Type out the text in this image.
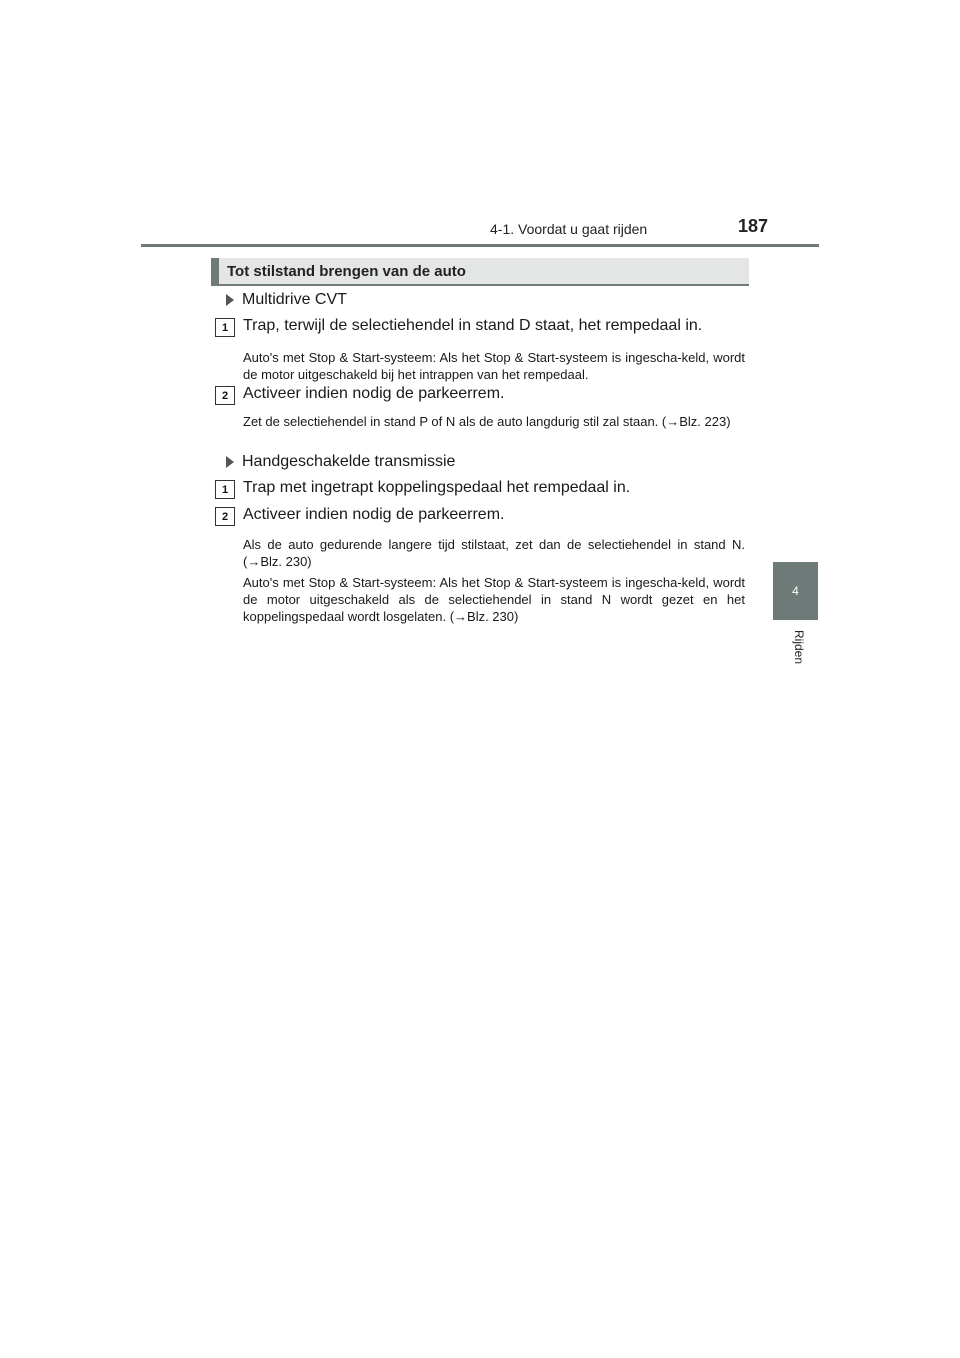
4-1. Voordat u gaat rijden	187
4
Rijden
Tot stilstand brengen van de auto
Multidrive CVT
1 Trap, terwijl de selectiehendel in stand D staat, het rempedaal in.

Auto's met Stop & Start-systeem: Als het Stop & Start-systeem is ingescha-keld, wordt de motor uitgeschakeld bij het intrappen van het rempedaal.

2 Activeer indien nodig de parkeerrem.

Zet de selectiehendel in stand P of N als de auto langdurig stil zal staan. (→Blz. 223)

Handgeschakelde transmissie
1 Trap met ingetrapt koppelingspedaal het rempedaal in.
2 Activeer indien nodig de parkeerrem.

Als de auto gedurende langere tijd stilstaat, zet dan de selectiehendel in stand N. (→Blz. 230)

Auto's met Stop & Start-systeem: Als het Stop & Start-systeem is ingescha-keld, wordt de motor uitgeschakeld als de selectiehendel in stand N wordt gezet en het koppelingspedaal wordt losgelaten. (→Blz. 230)
